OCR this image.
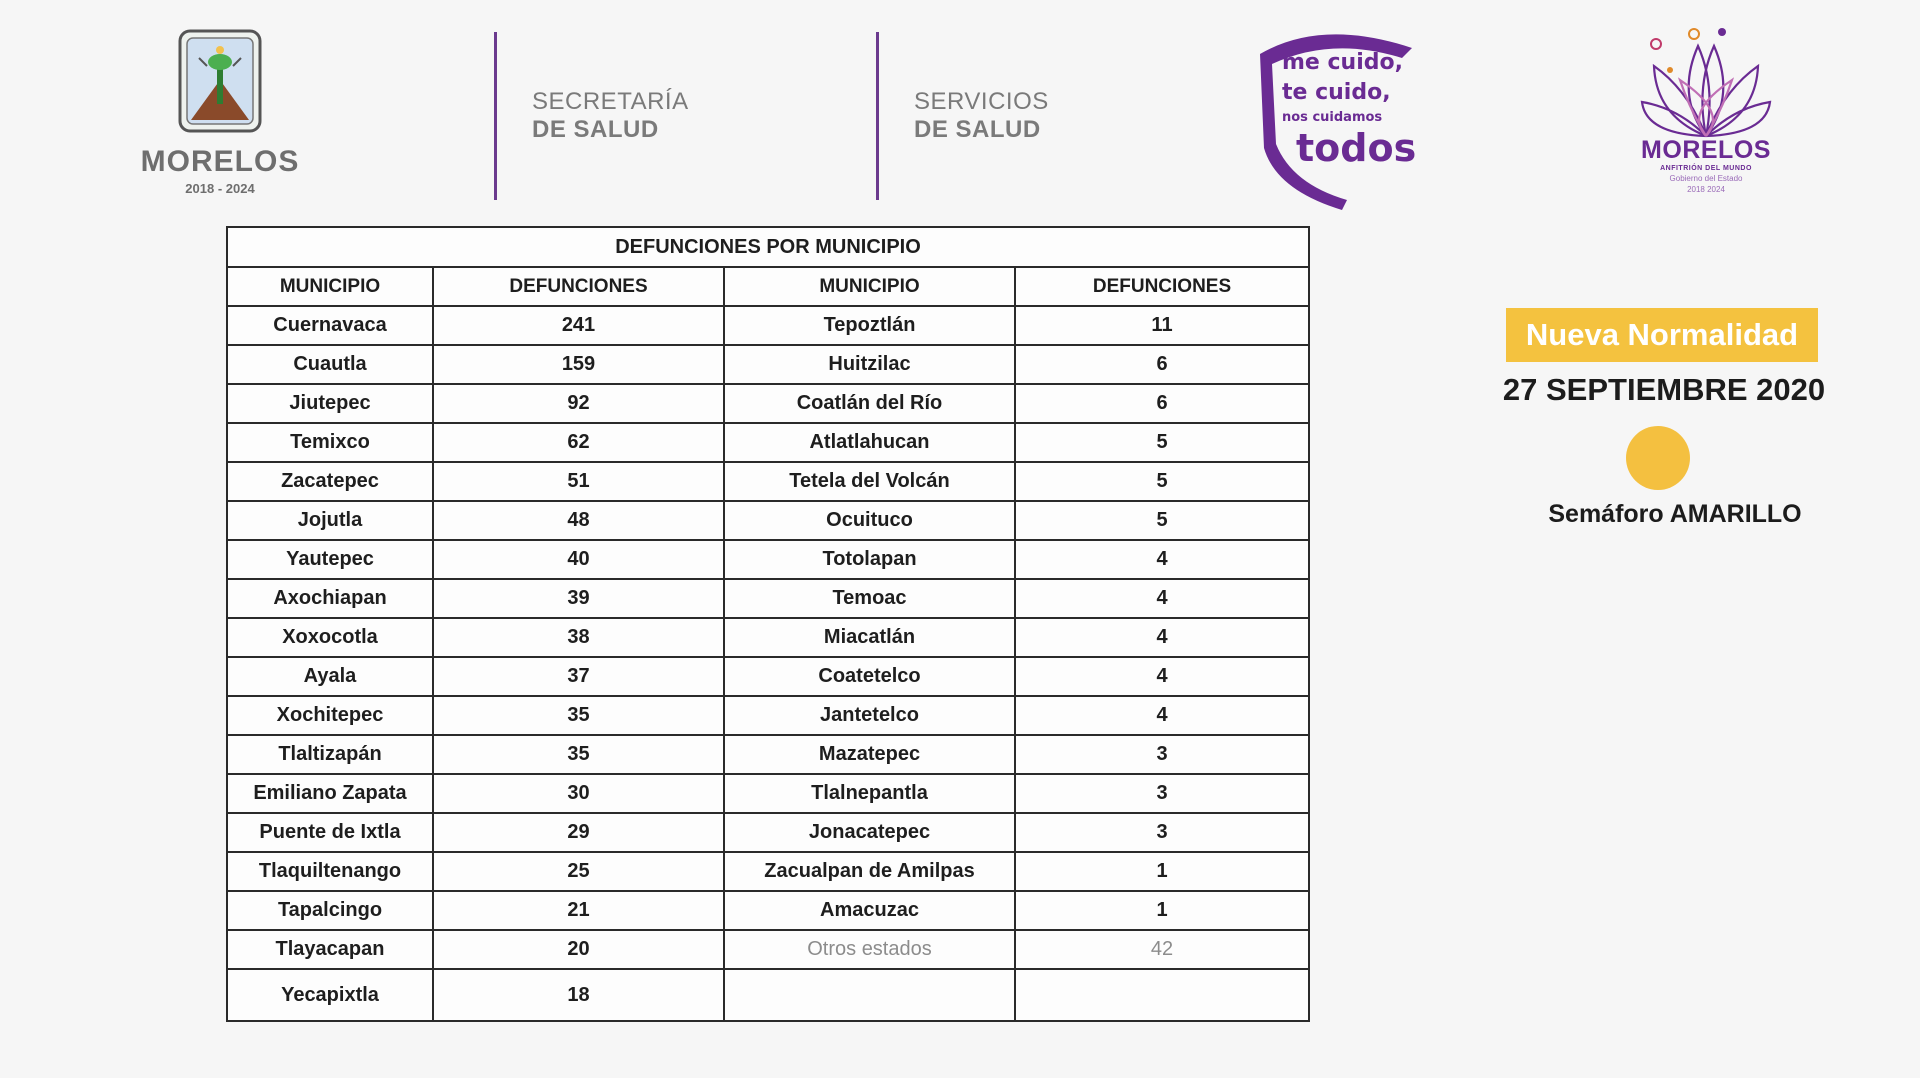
MORELOS
2018 - 2024
SECRETARÍA
DE SALUD
SERVICIOS
DE SALUD
me cuido,
te cuido,
nos cuidamos
todos	MORELOS
ANFITRIÓN DEL MUNDO
Gobierno del Estado
2018 2024
DEFUNCIONES POR MUNICIPIO			
MUNICIPIO	DEFUNCIONES	MUNICIPIO	DEFUNCIONES
Cuernavaca	241	Tepoztlán	11
Cuautla	159	Huitzilac	6
Jiutepec	92	Coatlán del Río	6
Temixco	62	Atlatlahucan	5
Zacatepec	51	Tetela del Volcán	5
Jojutla	48	Ocuituco	5
Yautepec	40	Totolapan	4
Axochiapan	39	Temoac	4
Xoxocotla	38	Miacatlán	4
Ayala	37	Coatetelco	4
Xochitepec	35	Jantetelco	4
Tlaltizapán	35	Mazatepec	3
Emiliano Zapata	30	Tlalnepantla	3
Puente de Ixtla	29	Jonacatepec	3
Tlaquiltenango	25	Zacualpan de Amilpas	1
Tapalcingo	21	Amacuzac	1
Tlayacapan	20	Otros estados	42
Yecapixtla	18		
Nueva Normalidad
27 SEPTIEMBRE 2020
Semáforo AMARILLO
